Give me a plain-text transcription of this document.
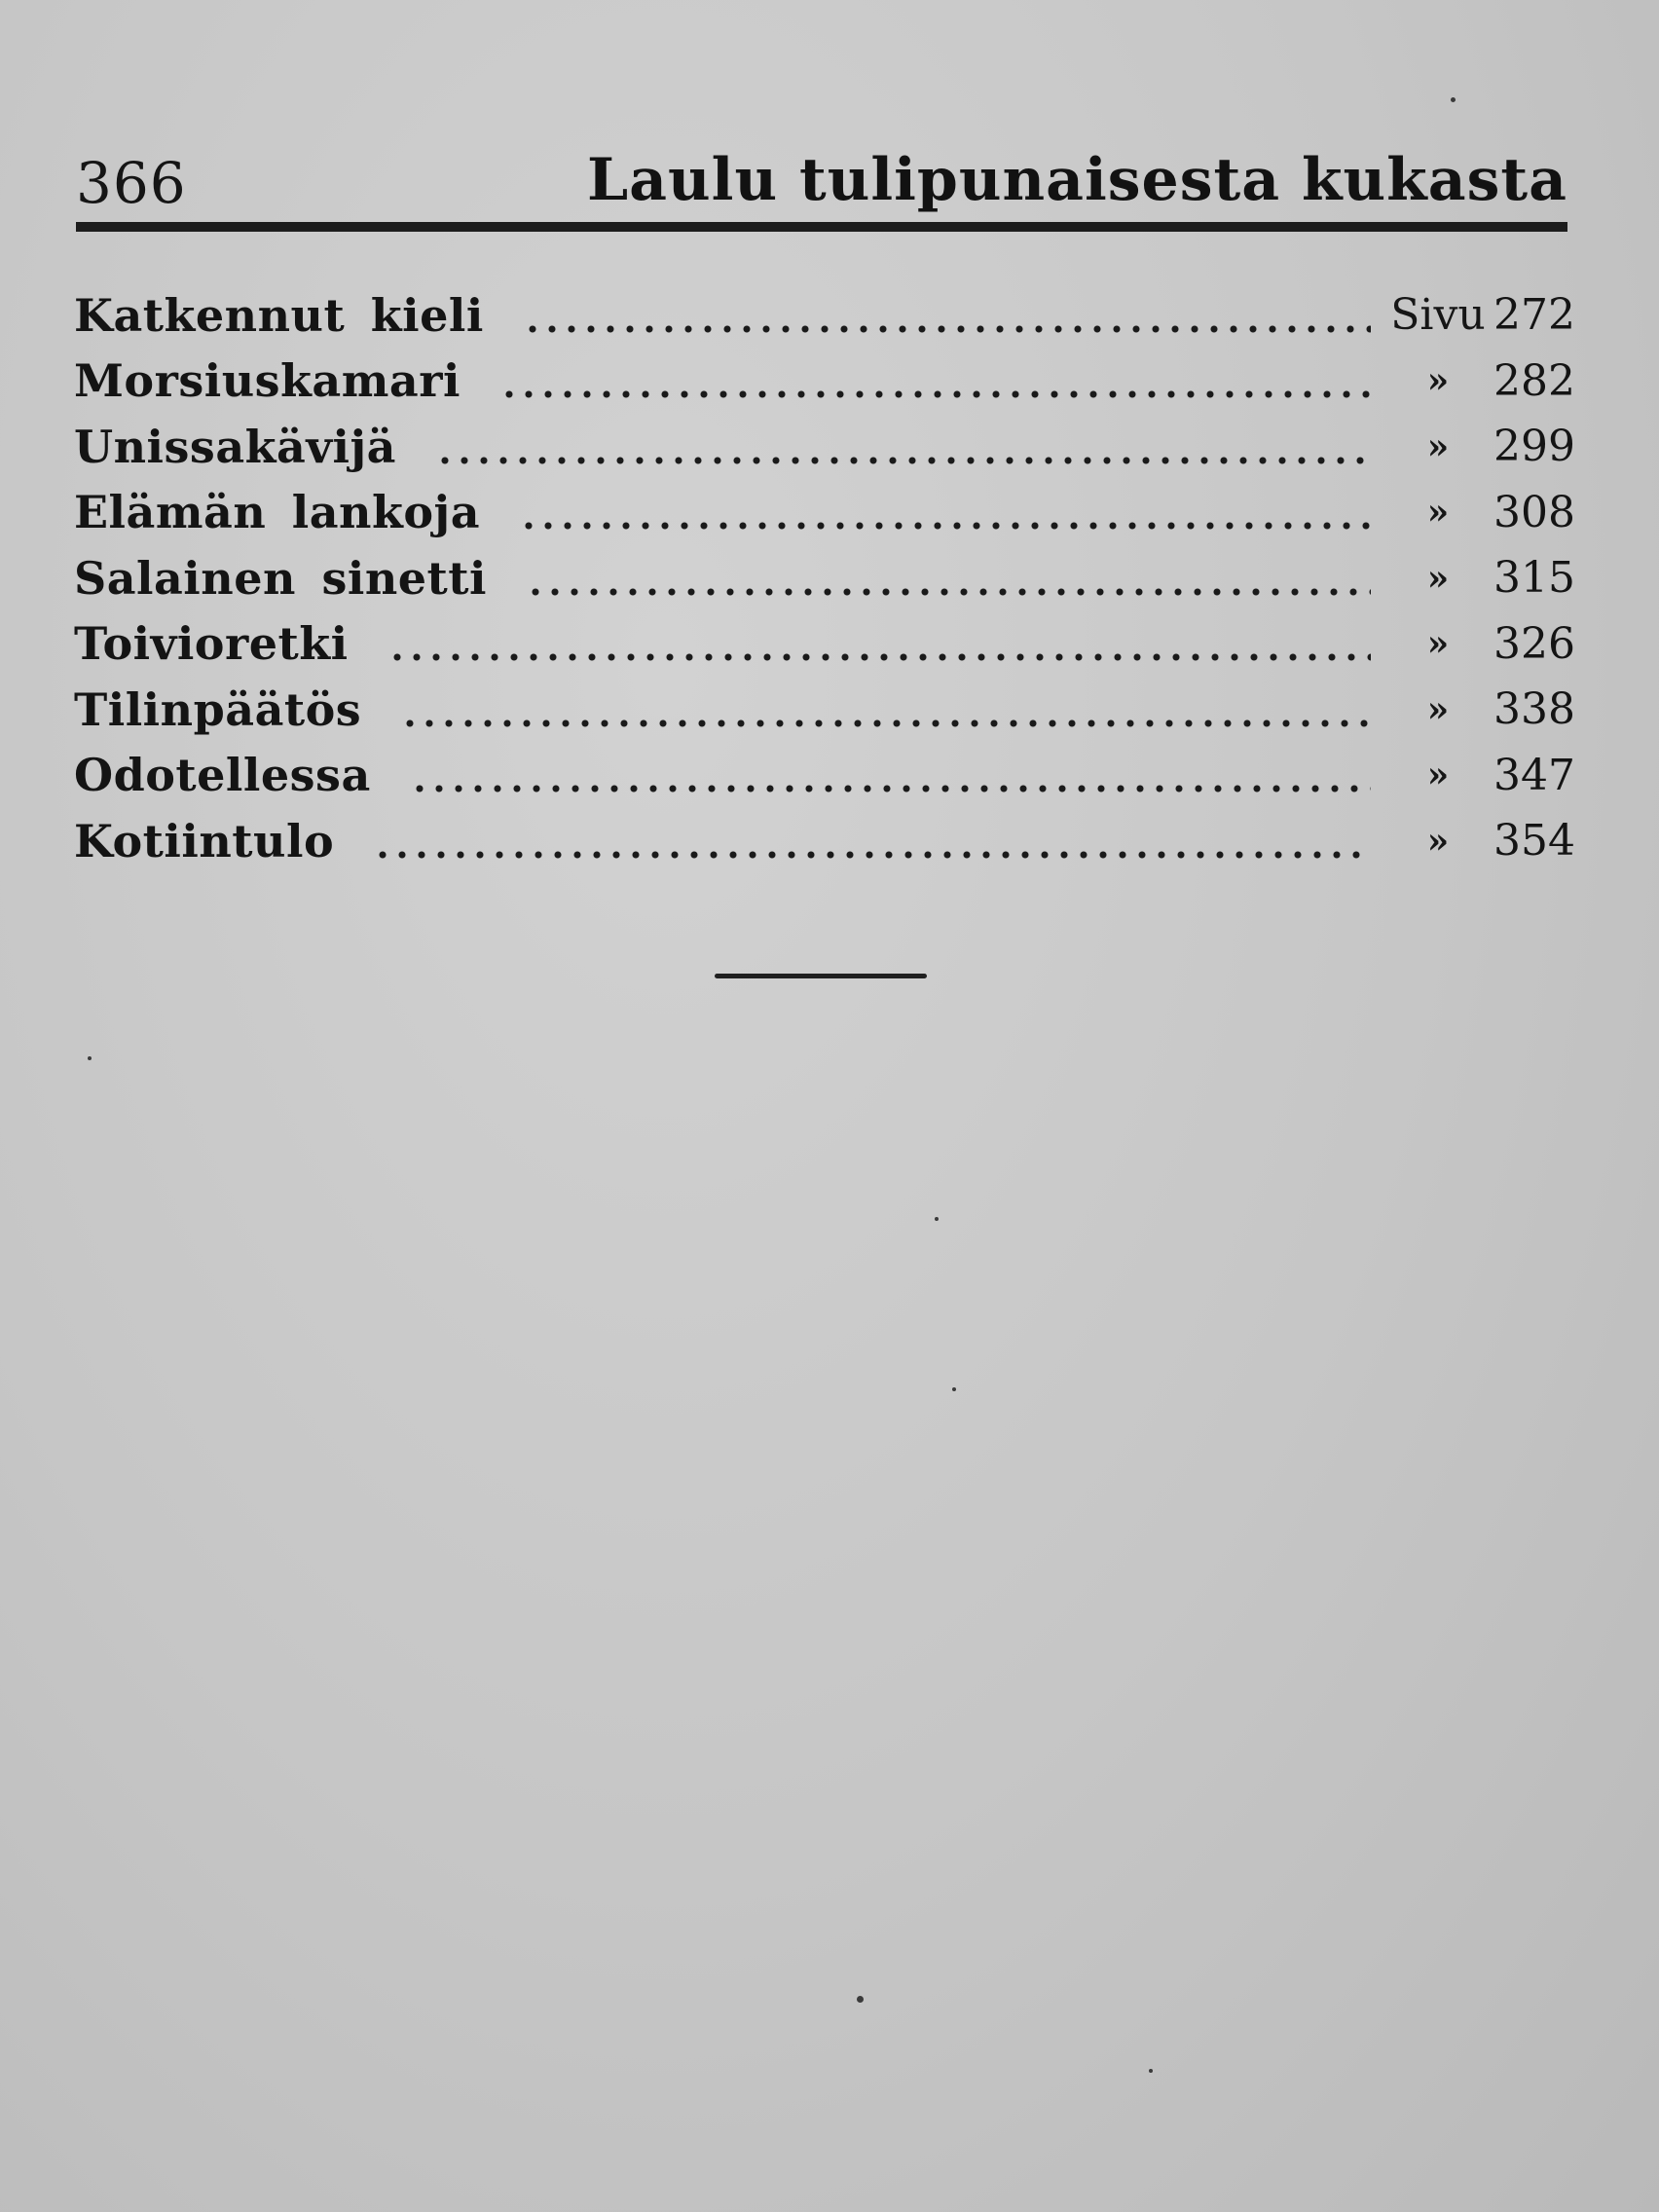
366	Laulu tulipunaisesta kukasta
Katkennut kieli	Sivu 272
Morsiuskamari	»	282
Unissakävijä	»	299
Elämän lankoja	»	308
Salainen sinetti	»	315
Toivioretki	»	326
Tilinpäätös	»	338
Odotellessa	»	347
Kotiintulo	»	354
